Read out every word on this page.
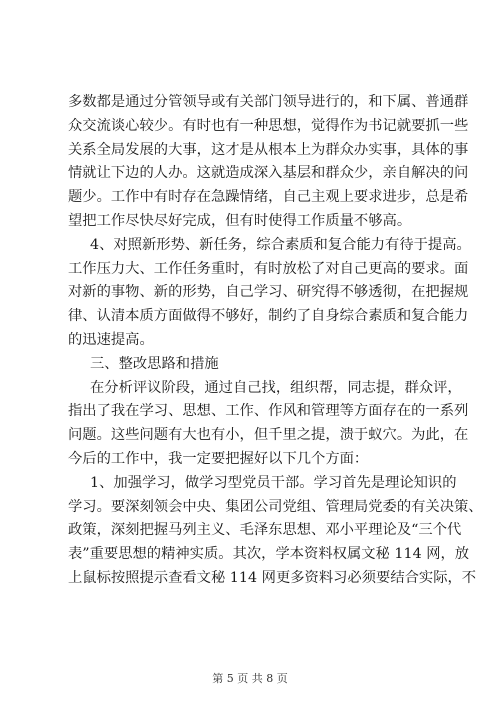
多数都是通过分管领导或有关部门领导进行的，和下属、普通群
众交流谈心较少。有时也有一种思想，觉得作为书记就要抓一些
关系全局发展的大事，这才是从根本上为群众办实事，具体的事
情就让下边的人办。这就造成深入基层和群众少，亲自解决的问
题少。工作中有时存在急躁情绪，自己主观上要求进步，总是希
望把工作尽快尽好完成，但有时使得工作质量不够高。
4、对照新形势、新任务，综合素质和复合能力有待于提高。
工作压力大、工作任务重时，有时放松了对自己更高的要求。面
对新的事物、新的形势，自己学习、研究得不够透彻，在把握规
律、认清本质方面做得不够好，制约了自身综合素质和复合能力
的迅速提高。
三、整改思路和措施
在分析评议阶段，通过自己找，组织帮，同志提，群众评，
指出了我在学习、思想、工作、作风和管理等方面存在的一系列
问题。这些问题有大也有小，但千里之提，溃于蚁穴。为此，在
今后的工作中，我一定要把握好以下几个方面：
1、加强学习，做学习型党员干部。学习首先是理论知识的
学习。要深刻领会中央、集团公司党组、管理局党委的有关决策、
政策，深刻把握马列主义、毛泽东思想、邓小平理论及“三个代
表”重要思想的精神实质。其次，学本资料权属文秘 114 网，放
上鼠标按照提示查看文秘 114 网更多资料习必须要结合实际，不
第 5 页 共 8 页
